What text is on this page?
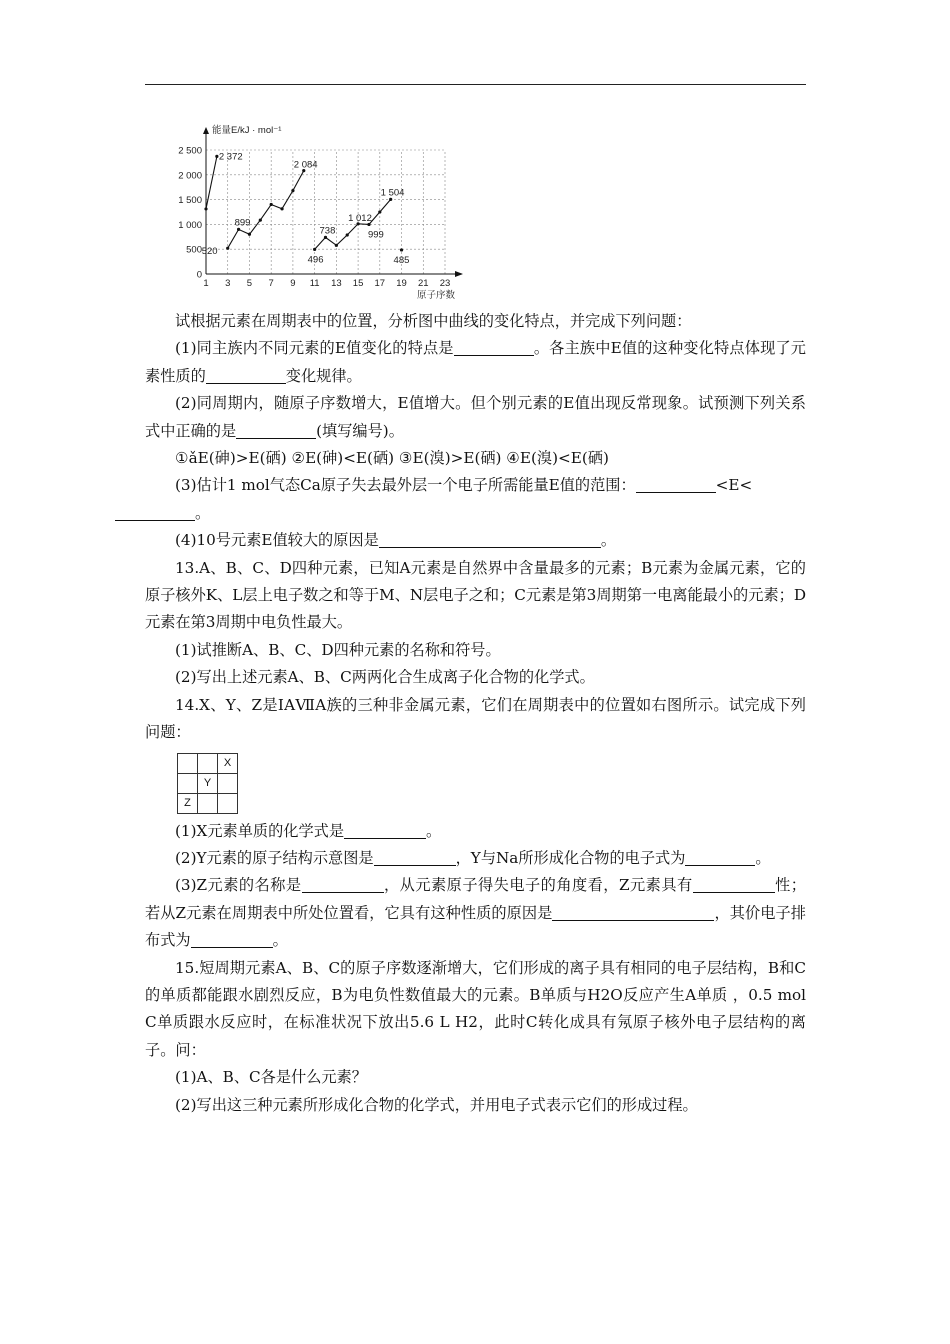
0
500
1 000
1 500
2 000
2 500
1 3 5 7 9 11 13 15 17 19 21 23
能量E/kJ · mol⁻¹
原子序数
2 372
2 084
899
520
738
496
1 012
999
1 504
485

试根据元素在周期表中的位置，分析图中曲线的变化特点，并完成下列问题：

(1)同主族内不同元素的E值变化的特点是	。各主族中E值的这种变化特点体现了元素性质的	变化规律。

(2)同周期内，随原子序数增大，E值增大。但个别元素的E值出现反常现象。试预测下列关系式中正确的是	(填写编号)。

①ǎE(砷)>E(硒) ②E(砷)<E(硒) ③E(溴)>E(硒) ④E(溴)<E(硒)

(3)估计1 mol气态Ca原子失去最外层一个电子所需能量E值的范围：	<E<
。

(4)10号元素E值较大的原因是	。

13.A、B、C、D四种元素，已知A元素是自然界中含量最多的元素；B元素为金属元素，它的原子核外K、L层上电子数之和等于M、N层电子之和；C元素是第3周期第一电离能最小的元素；D元素在第3周期中电负性最大。

(1)试推断A、B、C、D四种元素的名称和符号。

(2)写出上述元素A、B、C两两化合生成离子化合物的化学式。

14.X、Y、Z是ⅠAⅦA族的三种非金属元素，它们在周期表中的位置如右图所示。试完成下列问题：

		X
	Y	
Z		

(1)X元素单质的化学式是	。

(2)Y元素的原子结构示意图是	，Y与Na所形成化合物的电子式为	。

(3)Z元素的名称是	，从元素原子得失电子的角度看，Z元素具有	性；若从Z元素在周期表中所处位置看，它具有这种性质的原因是	，其价电子排布式为	。

15.短周期元素A、B、C的原子序数逐渐增大，它们形成的离子具有相同的电子层结构，B和C的单质都能跟水剧烈反应，B为电负性数值最大的元素。B单质与H2O反应产生A单质 ，0.5 mol C单质跟水反应时，在标准状况下放出5.6 L H2，此时C转化成具有氖原子核外电子层结构的离子。问：

(1)A、B、C各是什么元素？

(2)写出这三种元素所形成化合物的化学式，并用电子式表示它们的形成过程。
